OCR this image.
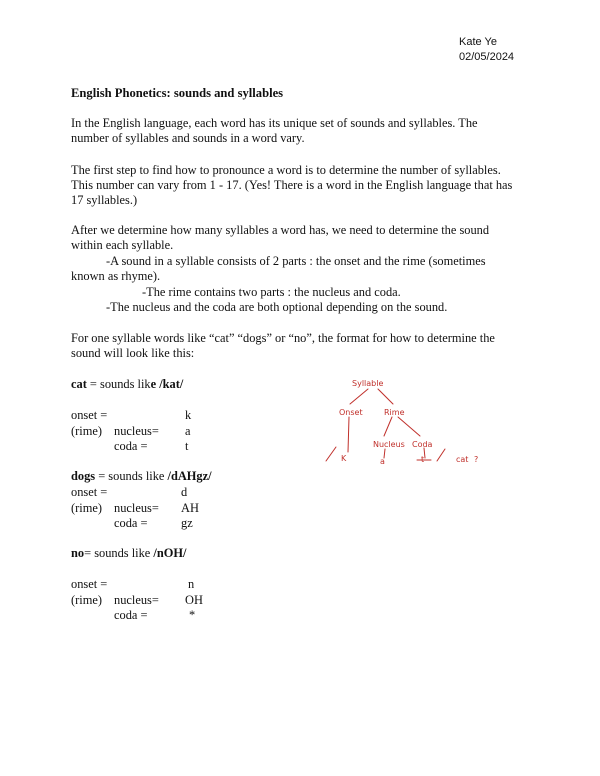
Kate Ye
02/05/2024
English Phonetics: sounds and syllables
In the English language, each word has its unique set of sounds and syllables. The
number of syllables and sounds in a word vary.
The first step to find how to pronounce a word is to determine the number of syllables.
This number can vary from 1 - 17. (Yes! There is a word in the English language that has
17 syllables.)
After we determine how many syllables a word has, we need to determine the sound
within each syllable.
-A sound in a syllable consists of 2 parts : the onset and the rime (sometimes
known as rhyme).
-The rime contains two parts : the nucleus and coda.
-The nucleus and the coda are both optional depending on the sound.
For one syllable words like “cat” “dogs” or “no”, the format for how to determine the
sound will look like this:
cat = sounds like /kat/
onset =	k
(rime) nucleus= a
coda =	t
dogs = sounds like /dAHgz/
onset =	d
(rime) nucleus= AH
coda =	gz
no= sounds like /nOH/
onset =	n
(rime) nucleus= OH
coda =	*
Syllable
Onset	Rime
Nucleus Coda
K	a	t	cat ?
